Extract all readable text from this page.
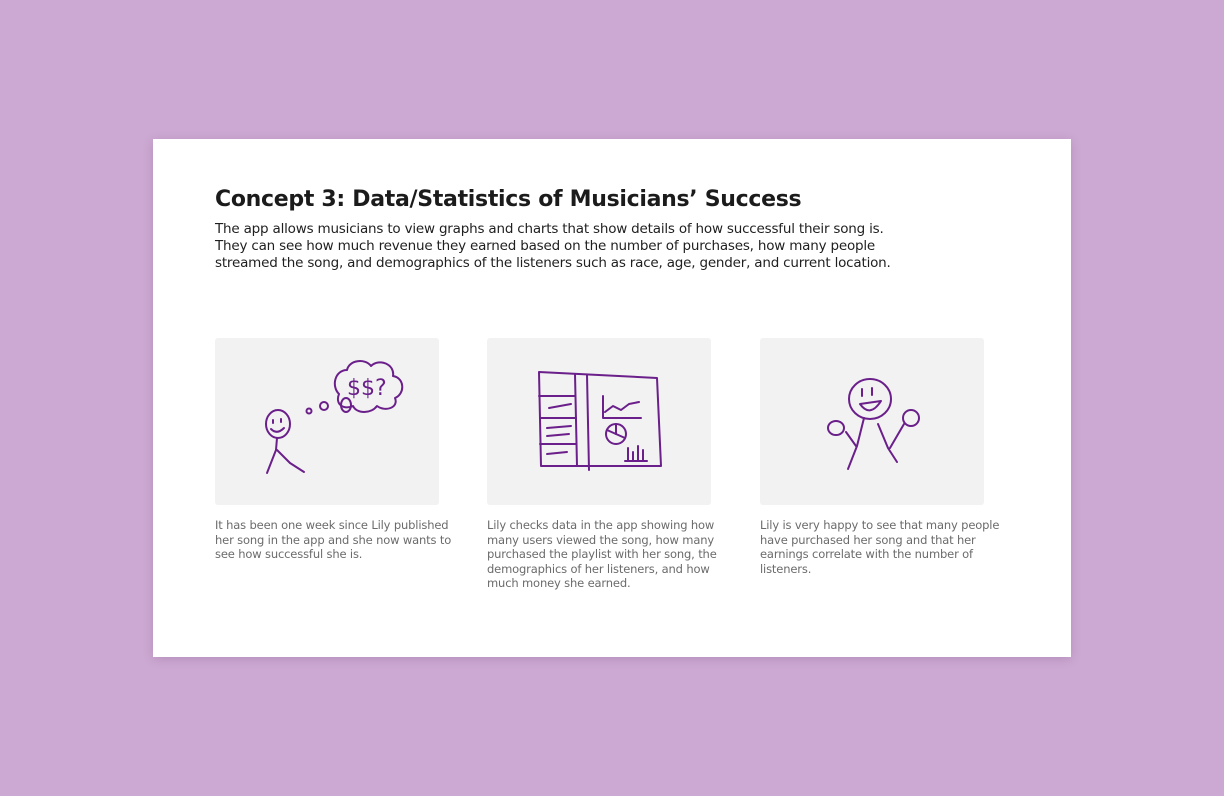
Concept 3: Data/Statistics of Musicians’ Success

The app allows musicians to view graphs and charts that show details of how successful their song is.
They can see how much revenue they earned based on the number of purchases, how many people
streamed the song, and demographics of the listeners such as race, age, gender, and current location.

$$?

It has been one week since Lily published
her song in the app and she now wants to
see how successful she is.

Lily checks data in the app showing how
many users viewed the song, how many
purchased the playlist with her song, the
demographics of her listeners, and how
much money she earned.

Lily is very happy to see that many people
have purchased her song and that her
earnings correlate with the number of
listeners.
